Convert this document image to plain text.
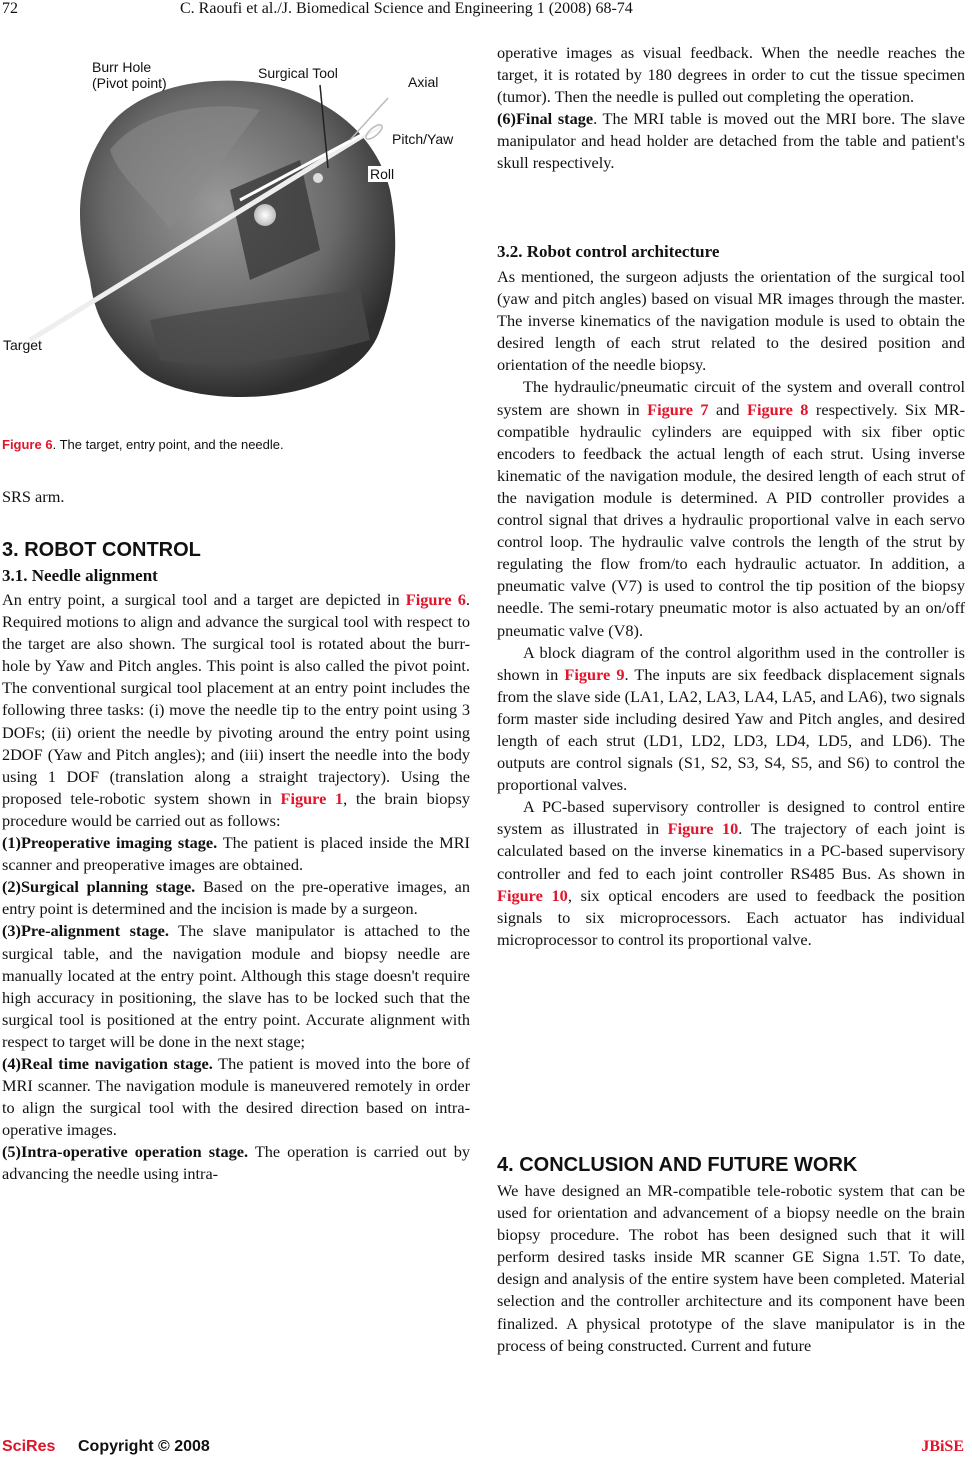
72	C. Raoufi et al./J. Biomedical Science and Engineering 1 (2008) 68-74
Burr Hole
(Pivot point)
Surgical Tool
Axial
Pitch/Yaw
Roll
Target
Figure 6. The target, entry point, and the needle.
SRS arm.
3. ROBOT CONTROL
3.1. Needle alignment

An entry point, a surgical tool and a target are depicted in Figure 6. Required motions to align and advance the surgical tool with respect to the target are also shown. The surgical tool is rotated about the burr-hole by Yaw and Pitch angles. This point is also called the pivot point. The conventional surgical tool placement at an entry point includes the following three tasks: (i) move the needle tip to the entry point using 3 DOFs; (ii) orient the needle by pivoting around the entry point using 2DOF (Yaw and Pitch angles); and (iii) insert the needle into the body using 1 DOF (translation along a straight trajectory). Using the proposed tele-robotic system shown in Figure 1, the brain biopsy procedure would be carried out as follows:

(1)Preoperative imaging stage. The patient is placed inside the MRI scanner and preoperative images are obtained.

(2)Surgical planning stage. Based on the pre-operative images, an entry point is determined and the incision is made by a surgeon.

(3)Pre-alignment stage. The slave manipulator is attached to the surgical table, and the navigation module and biopsy needle are manually located at the entry point. Although this stage doesn't require high accuracy in positioning, the slave has to be locked such that the surgical tool is positioned at the entry point. Accurate alignment with respect to target will be done in the next stage;

(4)Real time navigation stage. The patient is moved into the bore of MRI scanner. The navigation module is maneuvered remotely in order to align the surgical tool with the desired direction based on intra-operative images.

(5)Intra-operative operation stage. The operation is carried out by advancing the needle using intra-

operative images as visual feedback. When the needle reaches the target, it is rotated by 180 degrees in order to cut the tissue specimen (tumor). Then the needle is pulled out completing the operation.

(6)Final stage. The MRI table is moved out the MRI bore. The slave manipulator and head holder are detached from the table and patient's skull respectively.

3.2. Robot control architecture

As mentioned, the surgeon adjusts the orientation of the surgical tool (yaw and pitch angles) based on visual MR images through the master. The inverse kinematics of the navigation module is used to obtain the desired length of each strut related to the desired position and orientation of the needle biopsy.

The hydraulic/pneumatic circuit of the system and overall control system are shown in Figure 7 and Figure 8 respectively. Six MR-compatible hydraulic cylinders are equipped with six fiber optic encoders to feedback the actual length of each strut. Using inverse kinematic of the navigation module, the desired length of each strut of the navigation module is determined. A PID controller provides a control signal that drives a hydraulic proportional valve in each servo control loop. The hydraulic valve controls the length of the strut by regulating the flow from/to each hydraulic actuator. In addition, a pneumatic valve (V7) is used to control the tip position of the biopsy needle. The semi-rotary pneumatic motor is also actuated by an on/off pneumatic valve (V8).

A block diagram of the control algorithm used in the controller is shown in Figure 9. The inputs are six feedback displacement signals from the slave side (LA1, LA2, LA3, LA4, LA5, and LA6), two signals form master side including desired Yaw and Pitch angles, and desired length of each strut (LD1, LD2, LD3, LD4, LD5, and LD6). The outputs are control signals (S1, S2, S3, S4, S5, and S6) to control the proportional valves.

A PC-based supervisory controller is designed to control entire system as illustrated in Figure 10. The trajectory of each joint is calculated based on the inverse kinematics in a PC-based supervisory controller and fed to each joint controller RS485 Bus. As shown in Figure 10, six optical encoders are used to feedback the position signals to six microprocessors. Each actuator has individual microprocessor to control its proportional valve.

4. CONCLUSION AND FUTURE WORK
We have designed an MR-compatible tele-robotic system that can be used for orientation and advancement of a biopsy needle on the brain biopsy procedure. The robot has been designed such that it will perform desired tasks inside MR scanner GE Signa 1.5T. To date, design and analysis of the entire system have been completed. Material selection and the controller architecture and its component have been finalized. A physical prototype of the slave manipulator is in the process of being constructed. Current and future
SciRes Copyright © 2008	JBiSE
